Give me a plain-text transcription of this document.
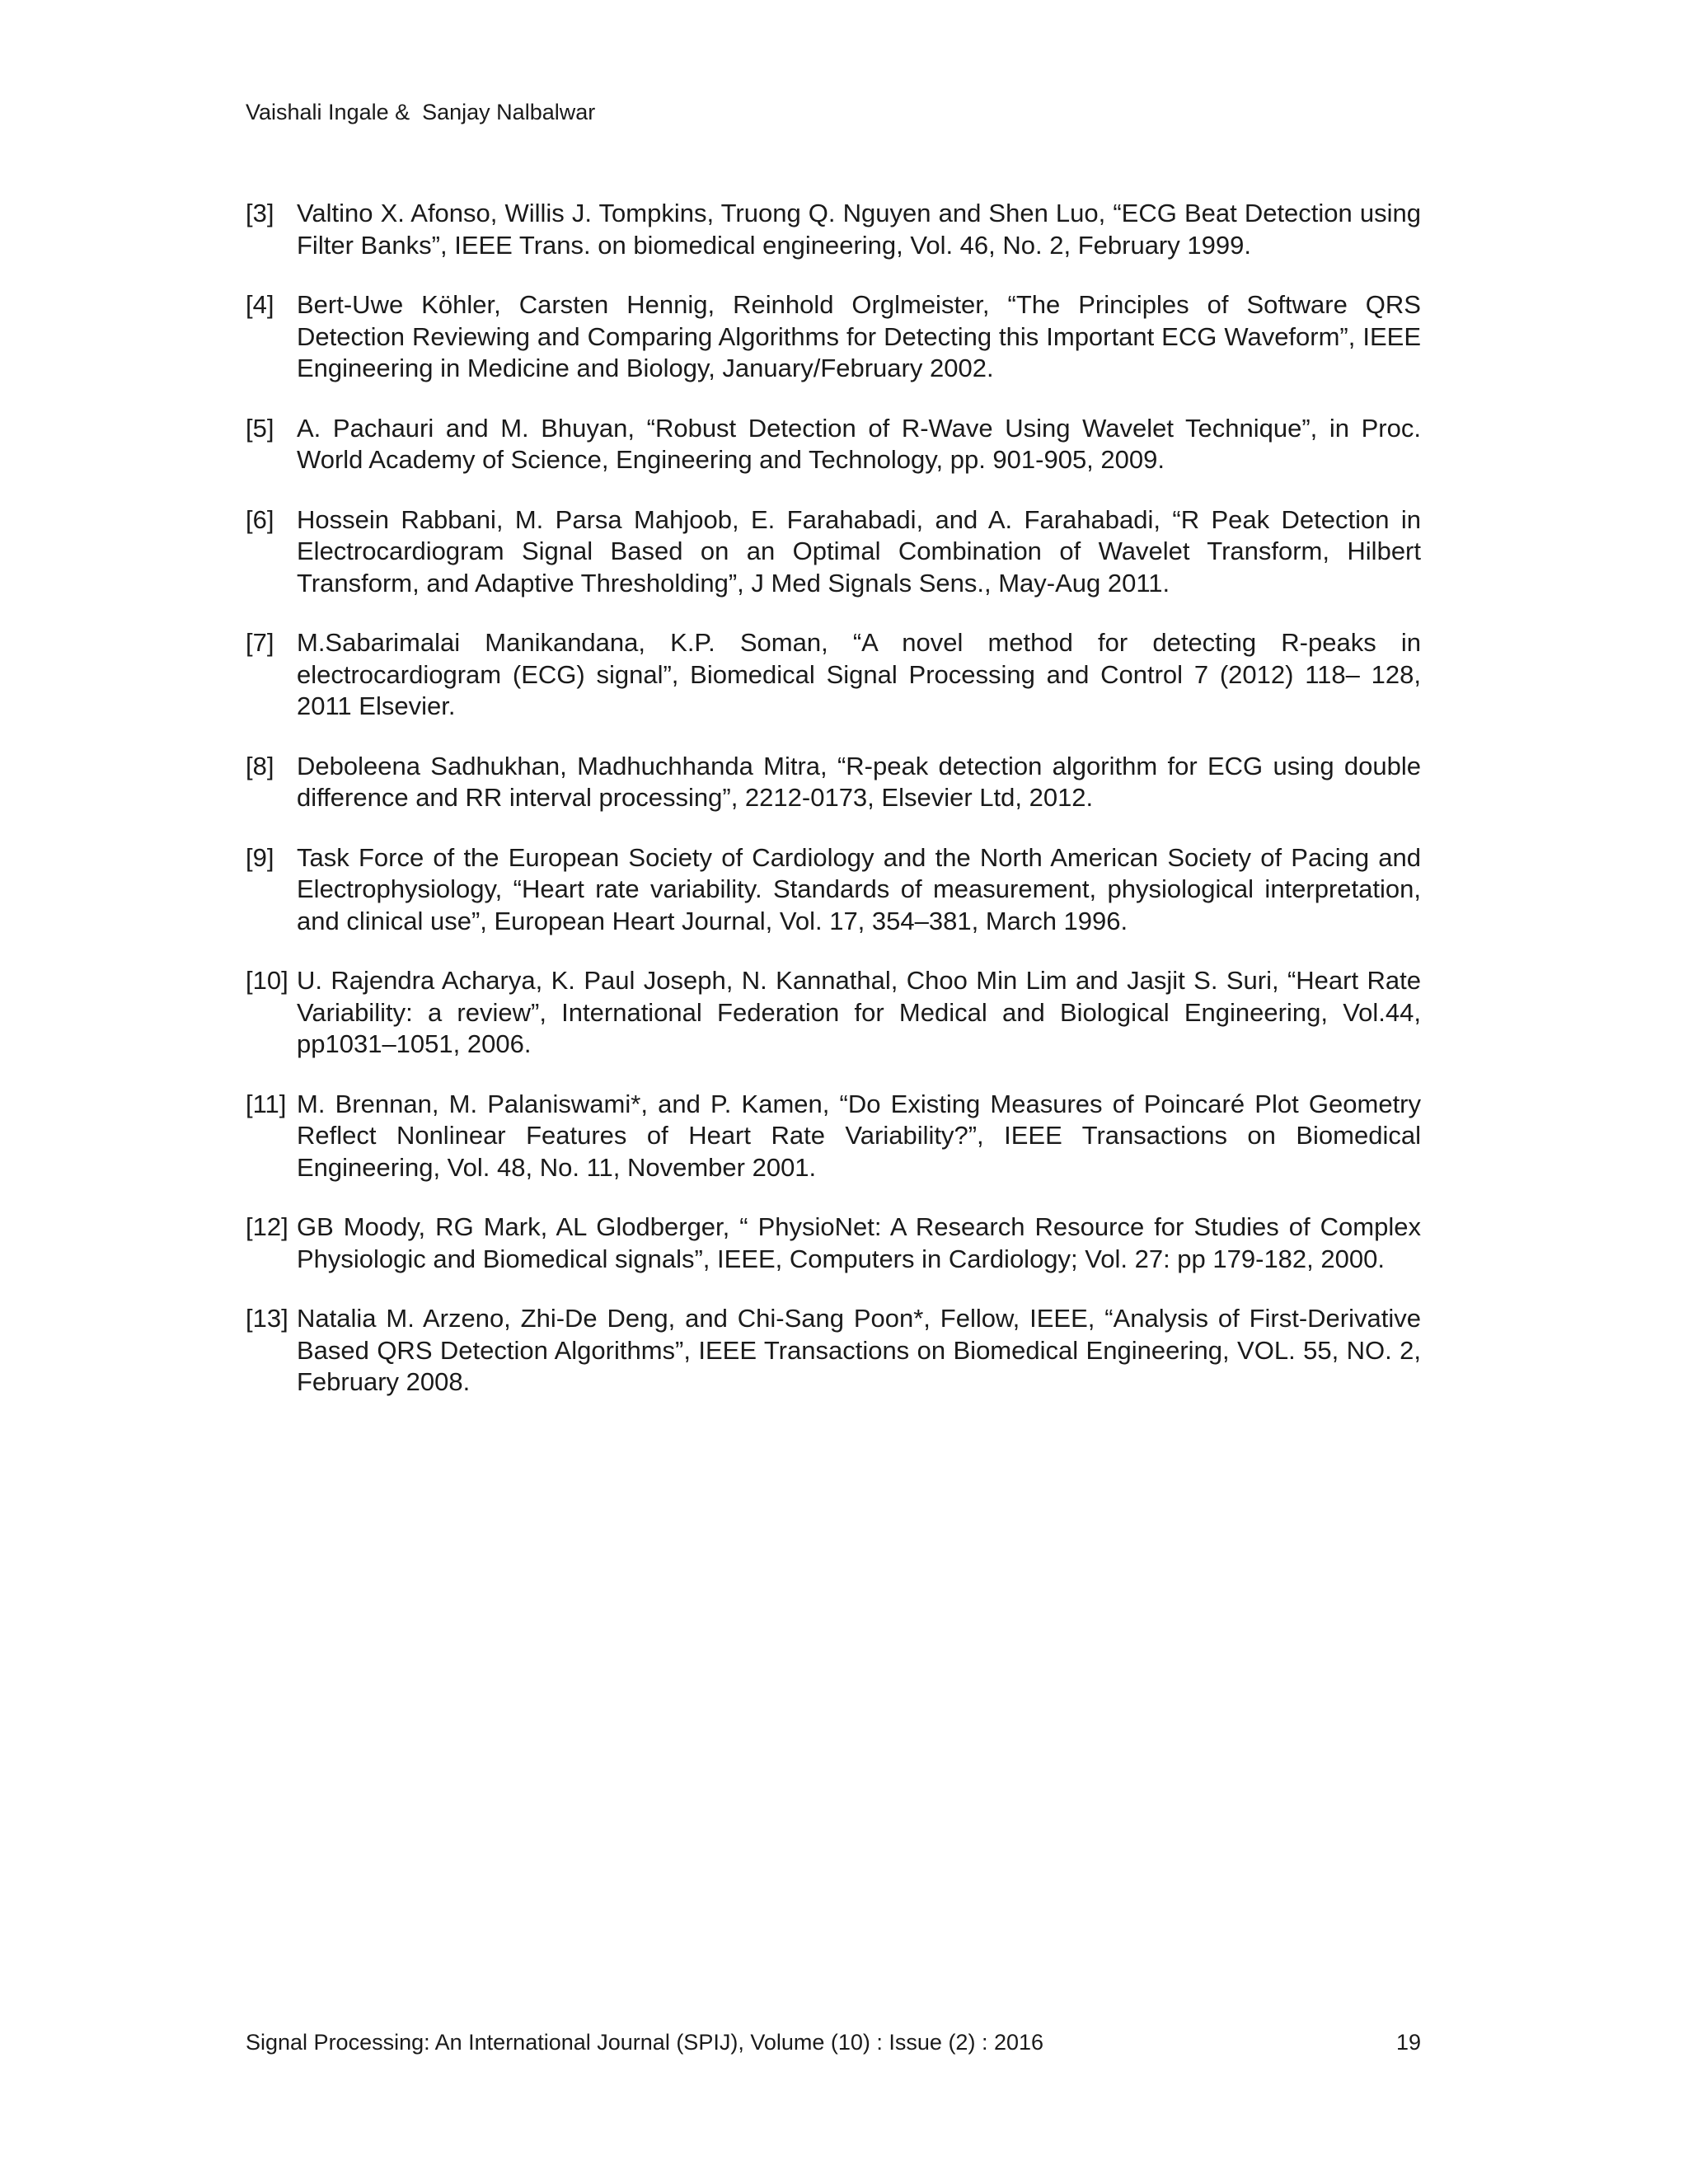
Vaishali Ingale &  Sanjay Nalbalwar
[3] Valtino X. Afonso, Willis J. Tompkins, Truong Q. Nguyen and Shen Luo, “ECG Beat Detection using Filter Banks”, IEEE Trans. on biomedical engineering, Vol. 46, No. 2, February 1999.
[4] Bert-Uwe Köhler, Carsten Hennig, Reinhold Orglmeister, “The Principles of Software QRS Detection Reviewing and Comparing Algorithms for Detecting this Important ECG Waveform”, IEEE Engineering in Medicine and Biology, January/February 2002.
[5] A. Pachauri and M. Bhuyan, “Robust Detection of R-Wave Using Wavelet Technique”, in Proc. World Academy of Science, Engineering and Technology, pp. 901-905, 2009.
[6] Hossein Rabbani, M. Parsa Mahjoob, E. Farahabadi, and A. Farahabadi, “R Peak Detection in Electrocardiogram Signal Based on an Optimal Combination of Wavelet Transform, Hilbert Transform, and Adaptive Thresholding”, J Med Signals Sens., May-Aug 2011.
[7] M.Sabarimalai Manikandana, K.P. Soman, “A novel method for detecting R-peaks in electrocardiogram (ECG) signal”, Biomedical Signal Processing and Control 7 (2012) 118– 128, 2011 Elsevier.
[8] Deboleena Sadhukhan, Madhuchhanda Mitra, “R-peak detection algorithm for ECG using double difference and RR interval processing”, 2212-0173, Elsevier Ltd, 2012.
[9] Task Force of the European Society of Cardiology and the North American Society of Pacing and Electrophysiology, “Heart rate variability. Standards of measurement, physiological interpretation, and clinical use”, European Heart Journal, Vol. 17, 354–381, March 1996.
[10] U. Rajendra Acharya, K. Paul Joseph, N. Kannathal, Choo Min Lim and Jasjit S. Suri, “Heart Rate Variability: a review”, International Federation for Medical and Biological Engineering, Vol.44, pp1031–1051, 2006.
[11] M. Brennan, M. Palaniswami*, and P. Kamen, “Do Existing Measures of Poincaré Plot Geometry Reflect Nonlinear Features of Heart Rate Variability?”, IEEE Transactions on Biomedical Engineering, Vol. 48, No. 11, November 2001.
[12] GB Moody, RG Mark, AL Glodberger, “ PhysioNet: A Research Resource for Studies of Complex Physiologic and Biomedical signals”, IEEE, Computers in Cardiology; Vol. 27: pp 179-182, 2000.
[13] Natalia M. Arzeno, Zhi-De Deng, and Chi-Sang Poon*, Fellow, IEEE, “Analysis of First-Derivative Based QRS Detection Algorithms”, IEEE Transactions on Biomedical Engineering, VOL. 55, NO. 2, February 2008.
Signal Processing: An International Journal (SPIJ), Volume (10) : Issue (2) : 2016	19
